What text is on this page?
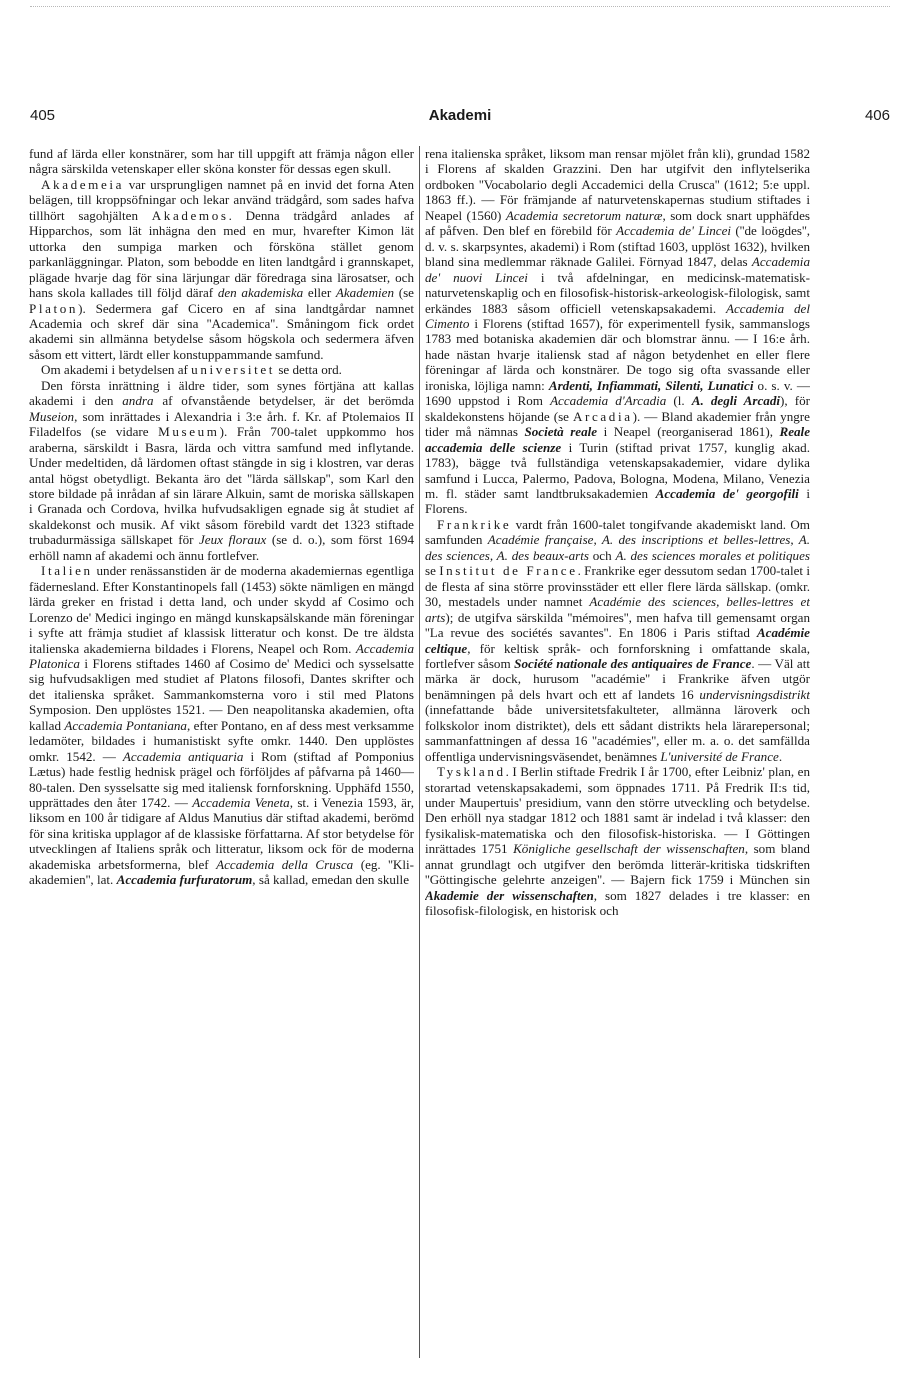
405	Akademi	406

fund af lärda eller konstnärer, som har till uppgift att främja någon eller några särskilda vetenskaper eller sköna konster för dessas egen skull.

Akademeia var ursprungligen namnet på en invid det forna Aten belägen, till kroppsöfningar och lekar använd trädgård, som sades hafva tillhört sagohjälten Akademos. Denna trädgård anlades af Hipparchos, som lät inhägna den med en mur, hvarefter Kimon lät uttorka den sumpiga marken och försköna stället genom parkanläggningar. Platon, som bebodde en liten landtgård i grannskapet, plägade hvarje dag för sina lärjungar där föredraga sina lärosatser, och hans skola kallades till följd däraf den akademiska eller Akademien (se Platon). Sedermera gaf Cicero en af sina landtgårdar namnet Academia och skref där sina ''Academica''. Småningom fick ordet akademi sin allmänna betydelse såsom högskola och sedermera äfven såsom ett vittert, lärdt eller konstuppammande samfund.

Om akademi i betydelsen af universitet se detta ord.

Den första inrättning i äldre tider, som synes förtjäna att kallas akademi i den andra af ofvanstående betydelser, är det berömda Museion, som inrättades i Alexandria i 3:e årh. f. Kr. af Ptolemaios II Filadelfos (se vidare Museum). Från 700-talet uppkommo hos araberna, särskildt i Basra, lärda och vittra samfund med inflytande. Under medeltiden, då lärdomen oftast stängde in sig i klostren, var deras antal högst obetydligt. Bekanta äro det ''lärda sällskap'', som Karl den store bildade på inrådan af sin lärare Alkuin, samt de moriska sällskapen i Granada och Cordova, hvilka hufvudsakligen egnade sig åt studiet af skaldekonst och musik. Af vikt såsom förebild vardt det 1323 stiftade trubadurmässiga sällskapet för Jeux floraux (se d. o.), som först 1694 erhöll namn af akademi och ännu fortlefver.

Italien under renässanstiden är de moderna akademiernas egentliga fädernesland. Efter Konstantinopels fall (1453) sökte nämligen en mängd lärda greker en fristad i detta land, och under skydd af Cosimo och Lorenzo de' Medici ingingo en mängd kunskapsälskande män föreningar i syfte att främja studiet af klassisk litteratur och konst. De tre äldsta italienska akademierna bildades i Florens, Neapel och Rom. Accademia Platonica i Florens stiftades 1460 af Cosimo de' Medici och sysselsatte sig hufvudsakligen med studiet af Platons filosofi, Dantes skrifter och det italienska språket. Sammankomsterna voro i stil med Platons Symposion. Den upplöstes 1521. — Den neapolitanska akademien, ofta kallad Accademia Pontaniana, efter Pontano, en af dess mest verksamme ledamöter, bildades i humanistiskt syfte omkr. 1440. Den upplöstes omkr. 1542. — Accademia antiquaria i Rom (stiftad af Pomponius Lætus) hade festlig hednisk prägel och förföljdes af påfvarna på 1460—80-talen. Den sysselsatte sig med italiensk fornforskning. Upphäfd 1550, upprättades den åter 1742. — Accademia Veneta, st. i Venezia 1593, är, liksom en 100 år tidigare af Aldus Manutius där stiftad akademi, berömd för sina kritiska upplagor af de klassiske författarna. Af stor betydelse för utvecklingen af Italiens språk och litteratur, liksom ock för de moderna akademiska arbetsformerna, blef Accademia della Crusca (eg. ''Kli-akademien'', lat. Accademia furfuratorum, så kallad, emedan den skulle

rena italienska språket, liksom man rensar mjölet från kli), grundad 1582 i Florens af skalden Grazzini. Den har utgifvit den inflytelserika ordboken ''Vocabolario degli Accademici della Crusca'' (1612; 5:e uppl. 1863 ff.). — För främjande af naturvetenskapernas studium stiftades i Neapel (1560) Academia secretorum naturæ, som dock snart upphäfdes af påfven. Den blef en förebild för Accademia de' Lincei (''de loögdes'', d. v. s. skarpsyntes, akademi) i Rom (stiftad 1603, upplöst 1632), hvilken bland sina medlemmar räknade Galilei. Förnyad 1847, delas Accademia de' nuovi Lincei i två afdelningar, en medicinsk-matematisk-naturvetenskaplig och en filosofisk-historisk-arkeologisk-filologisk, samt erkändes 1883 såsom officiell vetenskapsakademi. Accademia del Cimento i Florens (stiftad 1657), för experimentell fysik, sammanslogs 1783 med botaniska akademien där och blomstrar ännu. — I 16:e årh. hade nästan hvarje italiensk stad af någon betydenhet en eller flere föreningar af lärda och konstnärer. De togo sig ofta svassande eller ironiska, löjliga namn: Ardenti, Infiammati, Silenti, Lunatici o. s. v. — 1690 uppstod i Rom Accademia d'Arcadia (l. A. degli Arcadi), för skaldekonstens höjande (se Arcadia). — Bland akademier från yngre tider må nämnas Società reale i Neapel (reorganiserad 1861), Reale accademia delle scienze i Turin (stiftad privat 1757, kunglig akad. 1783), bägge två fullständiga vetenskapsakademier, vidare dylika samfund i Lucca, Palermo, Padova, Bologna, Modena, Milano, Venezia m. fl. städer samt landtbruksakademien Accademia de' georgofili i Florens.

Frankrike vardt från 1600-talet tongifvande akademiskt land. Om samfunden Académie française, A. des inscriptions et belles-lettres, A. des sciences, A. des beaux-arts och A. des sciences morales et politiques se Institut de France. Frankrike eger dessutom sedan 1700-talet i de flesta af sina större provinsstäder ett eller flere lärda sällskap. (omkr. 30, mestadels under namnet Académie des sciences, belles-lettres et arts); de utgifva särskilda ''mémoires'', men hafva till gemensamt organ ''La revue des sociétés savantes''. En 1806 i Paris stiftad Académie celtique, för keltisk språk- och fornforskning i omfattande skala, fortlefver såsom Société nationale des antiquaires de France. — Väl att märka är dock, hurusom ''académie'' i Frankrike äfven utgör benämningen på dels hvart och ett af landets 16 undervisningsdistrikt (innefattande både universitetsfakulteter, allmänna läroverk och folkskolor inom distriktet), dels ett sådant distrikts hela lärarepersonal; sammanfattningen af dessa 16 ''académies'', eller m. a. o. det samfällda offentliga undervisningsväsendet, benämnes L'université de France.

Tyskland. I Berlin stiftade Fredrik I år 1700, efter Leibniz' plan, en storartad vetenskapsakademi, som öppnades 1711. På Fredrik II:s tid, under Maupertuis' presidium, vann den större utveckling och betydelse. Den erhöll nya stadgar 1812 och 1881 samt är indelad i två klasser: den fysikalisk-matematiska och den filosofisk-historiska. — I Göttingen inrättades 1751 Königliche gesellschaft der wissenschaften, som bland annat grundlagt och utgifver den berömda litterär-kritiska tidskriften ''Göttingische gelehrte anzeigen''. — Bajern fick 1759 i München sin Akademie der wissenschaften, som 1827 delades i tre klasser: en filosofisk-filologisk, en historisk och
